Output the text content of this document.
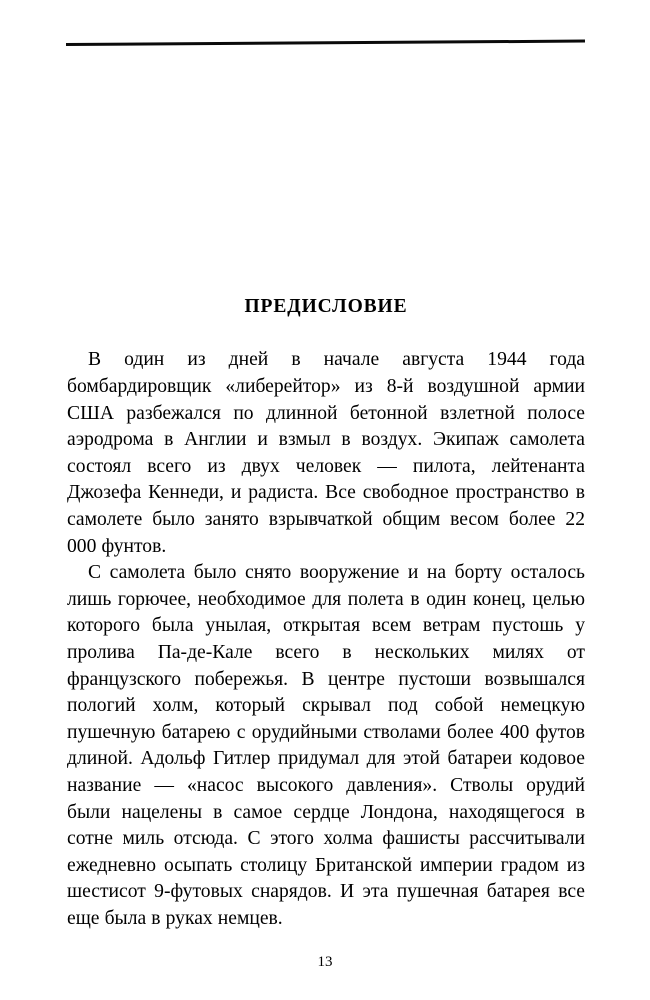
ПРЕДИСЛОВИЕ

В один из дней в начале августа 1944 года бомбардировщик «либерейтор» из 8-й воздушной армии США разбежался по длинной бетонной взлетной полосе аэродрома в Англии и взмыл в воздух. Экипаж самолета состоял всего из двух человек — пилота, лейтенанта Джозефа Кеннеди, и радиста. Все свободное пространство в самолете было занято взрывчаткой общим весом более 22 000 фунтов.

С самолета было снято вооружение и на борту осталось лишь горючее, необходимое для полета в один конец, целью которого была унылая, открытая всем ветрам пустошь у пролива Па-де-Кале всего в нескольких милях от французского побережья. В центре пустоши возвышался пологий холм, который скрывал под собой немецкую пушечную батарею с орудийными стволами более 400 футов длиной. Адольф Гитлер придумал для этой батареи кодовое название — «насос высокого давления». Стволы орудий были нацелены в самое сердце Лондона, находящегося в сотне миль отсюда. С этого холма фашисты рассчитывали ежедневно осыпать столицу Британской империи градом из шестисот 9-футовых снарядов. И эта пушечная батарея все еще была в руках немцев.

13
